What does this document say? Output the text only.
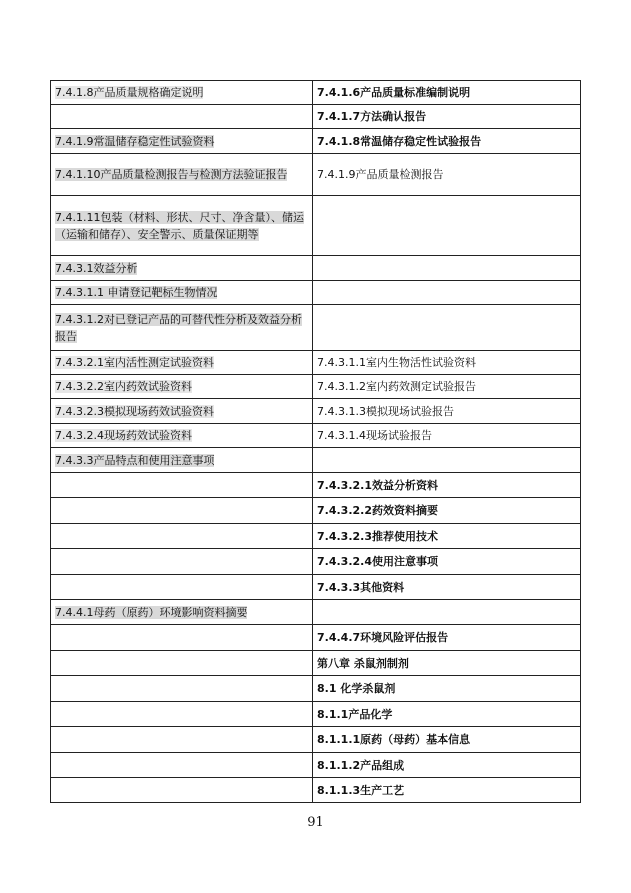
7.4.1.8产品质量规格确定说明	7.4.1.6产品质量标准编制说明
	7.4.1.7方法确认报告
7.4.1.9常温储存稳定性试验资料	7.4.1.8常温储存稳定性试验报告
7.4.1.10产品质量检测报告与检测方法验证报告	7.4.1.9产品质量检测报告
7.4.1.11包装（材料、形状、尺寸、净含量）、储运（运输和储存）、安全警示、质量保证期等	
7.4.3.1效益分析	
7.4.3.1.1 申请登记靶标生物情况	
7.4.3.1.2对已登记产品的可替代性分析及效益分析报告	
7.4.3.2.1室内活性测定试验资料	7.4.3.1.1室内生物活性试验资料
7.4.3.2.2室内药效试验资料	7.4.3.1.2室内药效测定试验报告
7.4.3.2.3模拟现场药效试验资料	7.4.3.1.3模拟现场试验报告
7.4.3.2.4现场药效试验资料	7.4.3.1.4现场试验报告
7.4.3.3产品特点和使用注意事项	
	7.4.3.2.1效益分析资料
	7.4.3.2.2药效资料摘要
	7.4.3.2.3推荐使用技术
	7.4.3.2.4使用注意事项
	7.4.3.3其他资料
7.4.4.1母药（原药）环境影响资料摘要	
	7.4.4.7环境风险评估报告
	第八章 杀鼠剂制剂
	8.1 化学杀鼠剂
	8.1.1产品化学
	8.1.1.1原药（母药）基本信息
	8.1.1.2产品组成
	8.1.1.3生产工艺
91
